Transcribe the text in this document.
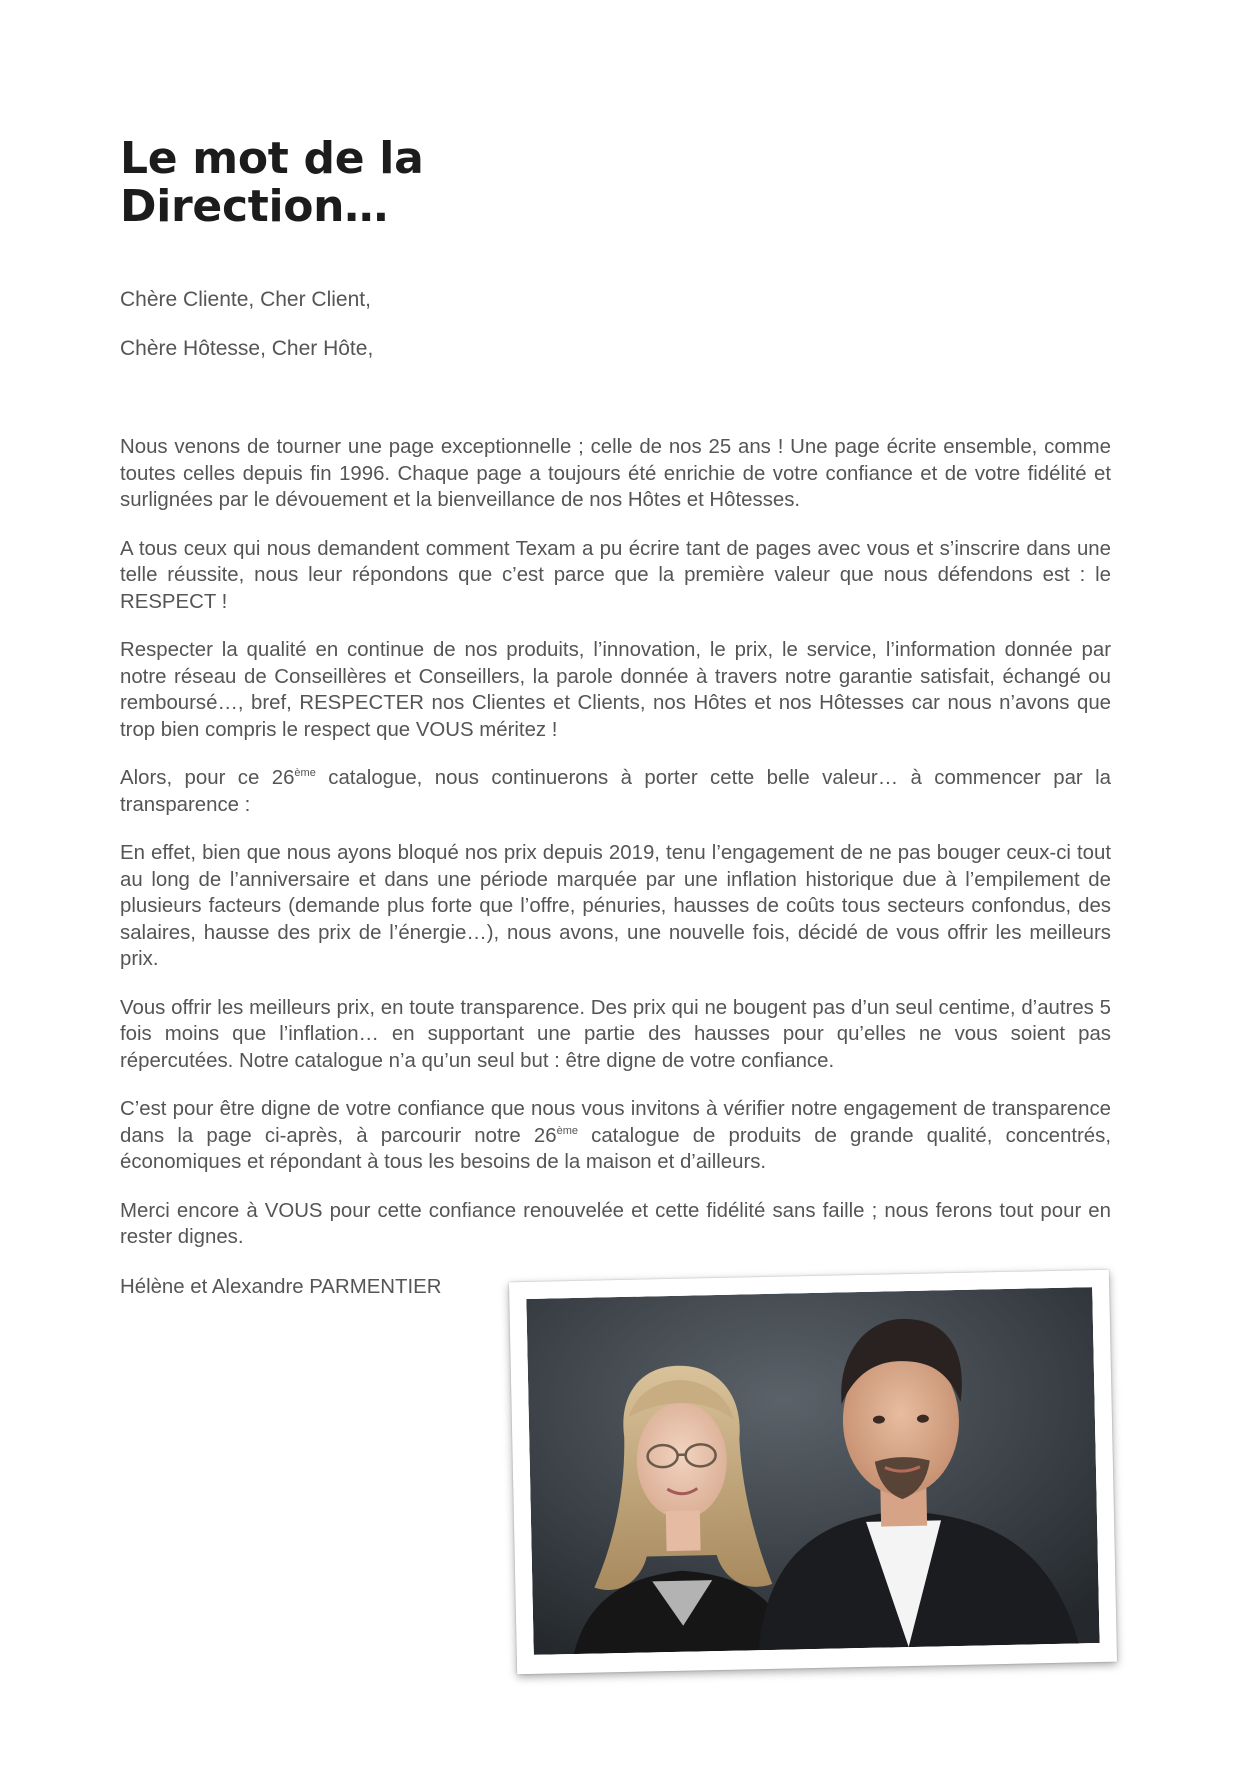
Le mot de la
Direction…

Chère Cliente, Cher Client,

Chère Hôtesse, Cher Hôte,

Nous venons de tourner une page exceptionnelle ; celle de nos 25 ans ! Une page écrite ensemble, comme toutes celles depuis fin 1996. Chaque page a toujours été enrichie de votre confiance et de votre fidélité et surlignées par le dévouement et la bienveillance de nos Hôtes et Hôtesses.

A tous ceux qui nous demandent comment Texam a pu écrire tant de pages avec vous et s’inscrire dans une telle réussite, nous leur répondons que c’est parce que la première valeur que nous défendons est : le RESPECT !

Respecter la qualité en continue de nos produits, l’innovation, le prix, le service, l’information donnée par notre réseau de Conseillères et Conseillers, la parole donnée à travers notre garantie satisfait, échangé ou remboursé…, bref, RESPECTER nos Clientes et Clients, nos Hôtes et nos Hôtesses car nous n’avons que trop bien compris le respect que VOUS méritez !

Alors, pour ce 26ème catalogue, nous continuerons à porter cette belle valeur… à commencer par la transparence :

En effet, bien que nous ayons bloqué nos prix depuis 2019, tenu l’engagement de ne pas bouger ceux-ci tout au long de l’anniversaire et dans une période marquée par une inflation historique due à l’empilement de plusieurs facteurs (demande plus forte que l’offre, pénuries, hausses de coûts tous secteurs confondus, des salaires, hausse des prix de l’énergie…), nous avons, une nouvelle fois, décidé de vous offrir les meilleurs prix.

Vous offrir les meilleurs prix, en toute transparence. Des prix qui ne bougent pas d’un seul centime, d’autres 5 fois moins que l’inflation… en supportant une partie des hausses pour qu’elles ne vous soient pas répercutées. Notre catalogue n’a qu’un seul but : être digne de votre confiance.

C’est pour être digne de votre confiance que nous vous invitons à vérifier notre engagement de transparence dans la page ci-après, à parcourir notre 26ème catalogue de produits de grande qualité, concentrés, économiques et répondant à tous les besoins de la maison et d’ailleurs.

Merci encore à VOUS pour cette confiance renouvelée et cette fidélité sans faille ; nous ferons tout pour en rester dignes.

Hélène et Alexandre PARMENTIER
